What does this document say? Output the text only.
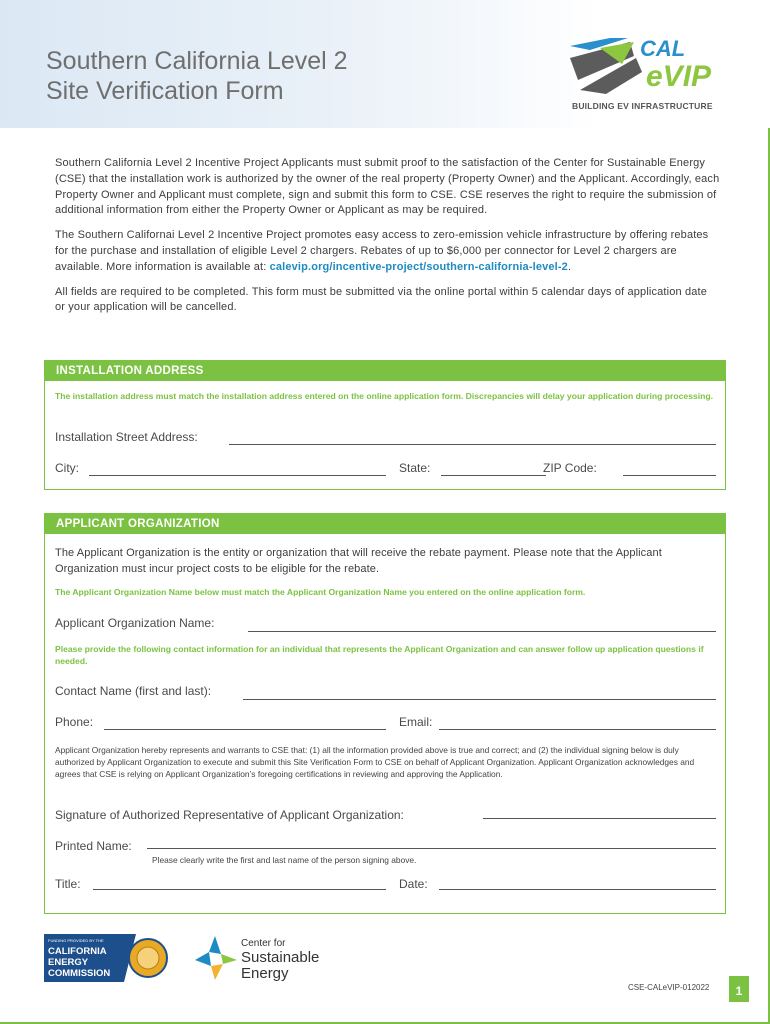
Southern California Level 2
Site Verification Form
CAL
eVIP
BUILDING EV INFRASTRUCTURE

Southern California Level 2 Incentive Project Applicants must submit proof to the satisfaction of the Center for Sustainable Energy (CSE) that the installation work is authorized by the owner of the real property (Property Owner) and the Applicant. Accordingly, each Property Owner and Applicant must complete, sign and submit this form to CSE. CSE reserves the right to require the submission of additional information from either the Property Owner or Applicant as may be required.

The Southern Californai Level 2 Incentive Project promotes easy access to zero-emission vehicle infrastructure by offering rebates for the purchase and installation of eligible Level 2 chargers. Rebates of up to $6,000 per connector for Level 2 chargers are available. More information is available at: calevip.org/incentive-project/southern-california-level-2.

All fields are required to be completed. This form must be submitted via the online portal within 5 calendar days of application date or your application will be cancelled.

INSTALLATION ADDRESS
The installation address must match the installation address entered on the online application form. Discrepancies will delay your application during processing.
Installation Street Address:
City:	State:	ZIP Code:
APPLICANT ORGANIZATION
The Applicant Organization is the entity or organization that will receive the rebate payment. Please note that the Applicant Organization must incur project costs to be eligible for the rebate.
The Applicant Organization Name below must match the Applicant Organization Name you entered on the online application form.
Applicant Organization Name:
Please provide the following contact information for an individual that represents the Applicant Organization and can answer follow up application questions if needed.
Contact Name (first and last):
Phone:	Email:
Applicant Organization hereby represents and warrants to CSE that: (1) all the information provided above is true and correct; and (2) the individual signing below is duly authorized by Applicant Organization to execute and submit this Site Verification Form to CSE on behalf of Applicant Organization. Applicant Organization acknowledges and agrees that CSE is relying on Applicant Organization’s foregoing certifications in reviewing and approving the Application.
Signature of Authorized Representative of Applicant Organization:
Printed Name:
Please clearly write the first and last name of the person signing above.
Title:	Date:
FUNDING PROVIDED BY THE
CALIFORNIA
ENERGY
COMMISSION
Center for
Sustainable
Energy
CSE-CALeVIP-012022	1
